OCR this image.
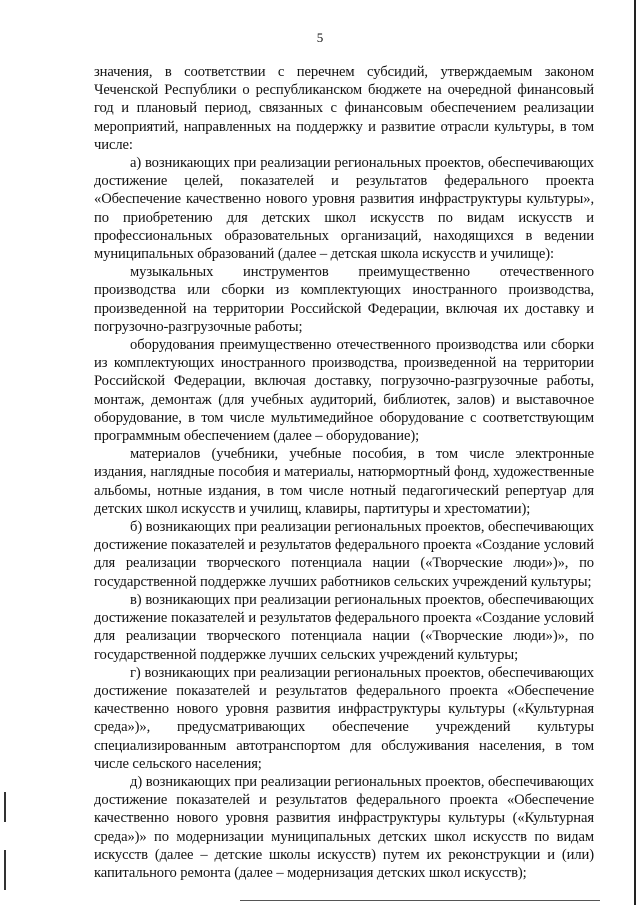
5

значения, в соответствии с перечнем субсидий, утверждаемым законом Чеченской Республики о республиканском бюджете на очередной финансовый год и плановый период, связанных с финансовым обеспечением реализации мероприятий, направленных на поддержку и развитие отрасли культуры, в том числе:

а) возникающих при реализации региональных проектов, обеспечивающих достижение целей, показателей и результатов федерального проекта «Обеспечение качественно нового уровня развития инфраструктуры культуры», по приобретению для детских школ искусств по видам искусств и профессиональных образовательных организаций, находящихся в ведении муниципальных образований (далее – детская школа искусств и училище):

музыкальных инструментов преимущественно отечественного производства или сборки из комплектующих иностранного производства, произведенной на территории Российской Федерации, включая их доставку и погрузочно-разгрузочные работы;

оборудования преимущественно отечественного производства или сборки из комплектующих иностранного производства, произведенной на территории Российской Федерации, включая доставку, погрузочно-разгрузочные работы, монтаж, демонтаж (для учебных аудиторий, библиотек, залов) и выставочное оборудование, в том числе мультимедийное оборудование с соответствующим программным обеспечением (далее – оборудование);

материалов (учебники, учебные пособия, в том числе электронные издания, наглядные пособия и материалы, натюрмортный фонд, художественные альбомы, нотные издания, в том числе нотный педагогический репертуар для детских школ искусств и училищ, клавиры, партитуры и хрестоматии);

б) возникающих при реализации региональных проектов, обеспечивающих достижение показателей и результатов федерального проекта «Создание условий для реализации творческого потенциала нации («Творческие люди»)», по государственной поддержке лучших работников сельских учреждений культуры;

в) возникающих при реализации региональных проектов, обеспечивающих достижение показателей и результатов федерального проекта «Создание условий для реализации творческого потенциала нации («Творческие люди»)», по государственной поддержке лучших сельских учреждений культуры;

г) возникающих при реализации региональных проектов, обеспечивающих достижение показателей и результатов федерального проекта «Обеспечение качественно нового уровня развития инфраструктуры культуры («Культурная среда»)», предусматривающих обеспечение учреждений культуры специализированным автотранспортом для обслуживания населения, в том числе сельского населения;

д) возникающих при реализации региональных проектов, обеспечивающих достижение показателей и результатов федерального проекта «Обеспечение качественно нового уровня развития инфраструктуры культуры («Культурная среда»)» по модернизации муниципальных детских школ искусств по видам искусств (далее – детские школы искусств) путем их реконструкции и (или) капитального ремонта (далее – модернизация детских школ искусств);
